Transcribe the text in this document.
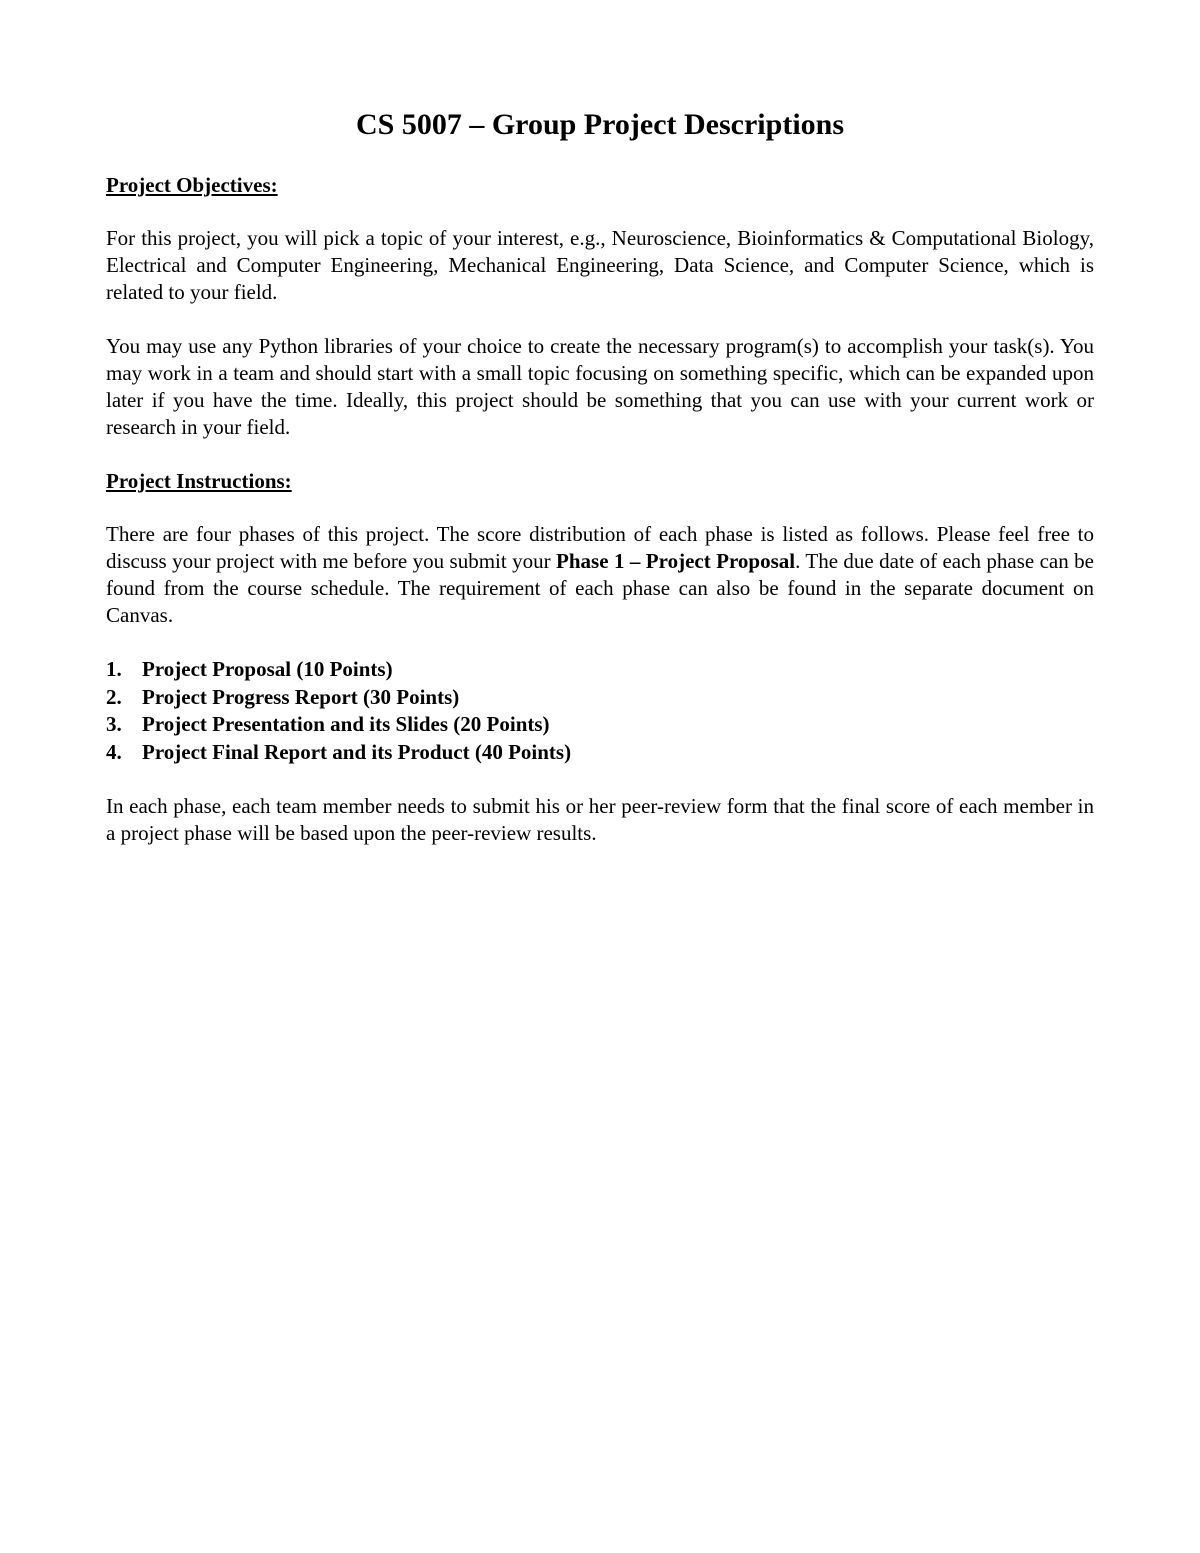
CS 5007 – Group Project Descriptions
Project Objectives:

For this project, you will pick a topic of your interest, e.g., Neuroscience, Bioinformatics & Computational Biology, Electrical and Computer Engineering, Mechanical Engineering, Data Science, and Computer Science, which is related to your field.

You may use any Python libraries of your choice to create the necessary program(s) to accomplish your task(s). You may work in a team and should start with a small topic focusing on something specific, which can be expanded upon later if you have the time. Ideally, this project should be something that you can use with your current work or research in your field.

Project Instructions:

There are four phases of this project. The score distribution of each phase is listed as follows. Please feel free to discuss your project with me before you submit your Phase 1 – Project Proposal. The due date of each phase can be found from the course schedule. The requirement of each phase can also be found in the separate document on Canvas.

1. Project Proposal (10 Points)
2. Project Progress Report (30 Points)
3. Project Presentation and its Slides (20 Points)
4. Project Final Report and its Product (40 Points)

In each phase, each team member needs to submit his or her peer-review form that the final score of each member in a project phase will be based upon the peer-review results.
